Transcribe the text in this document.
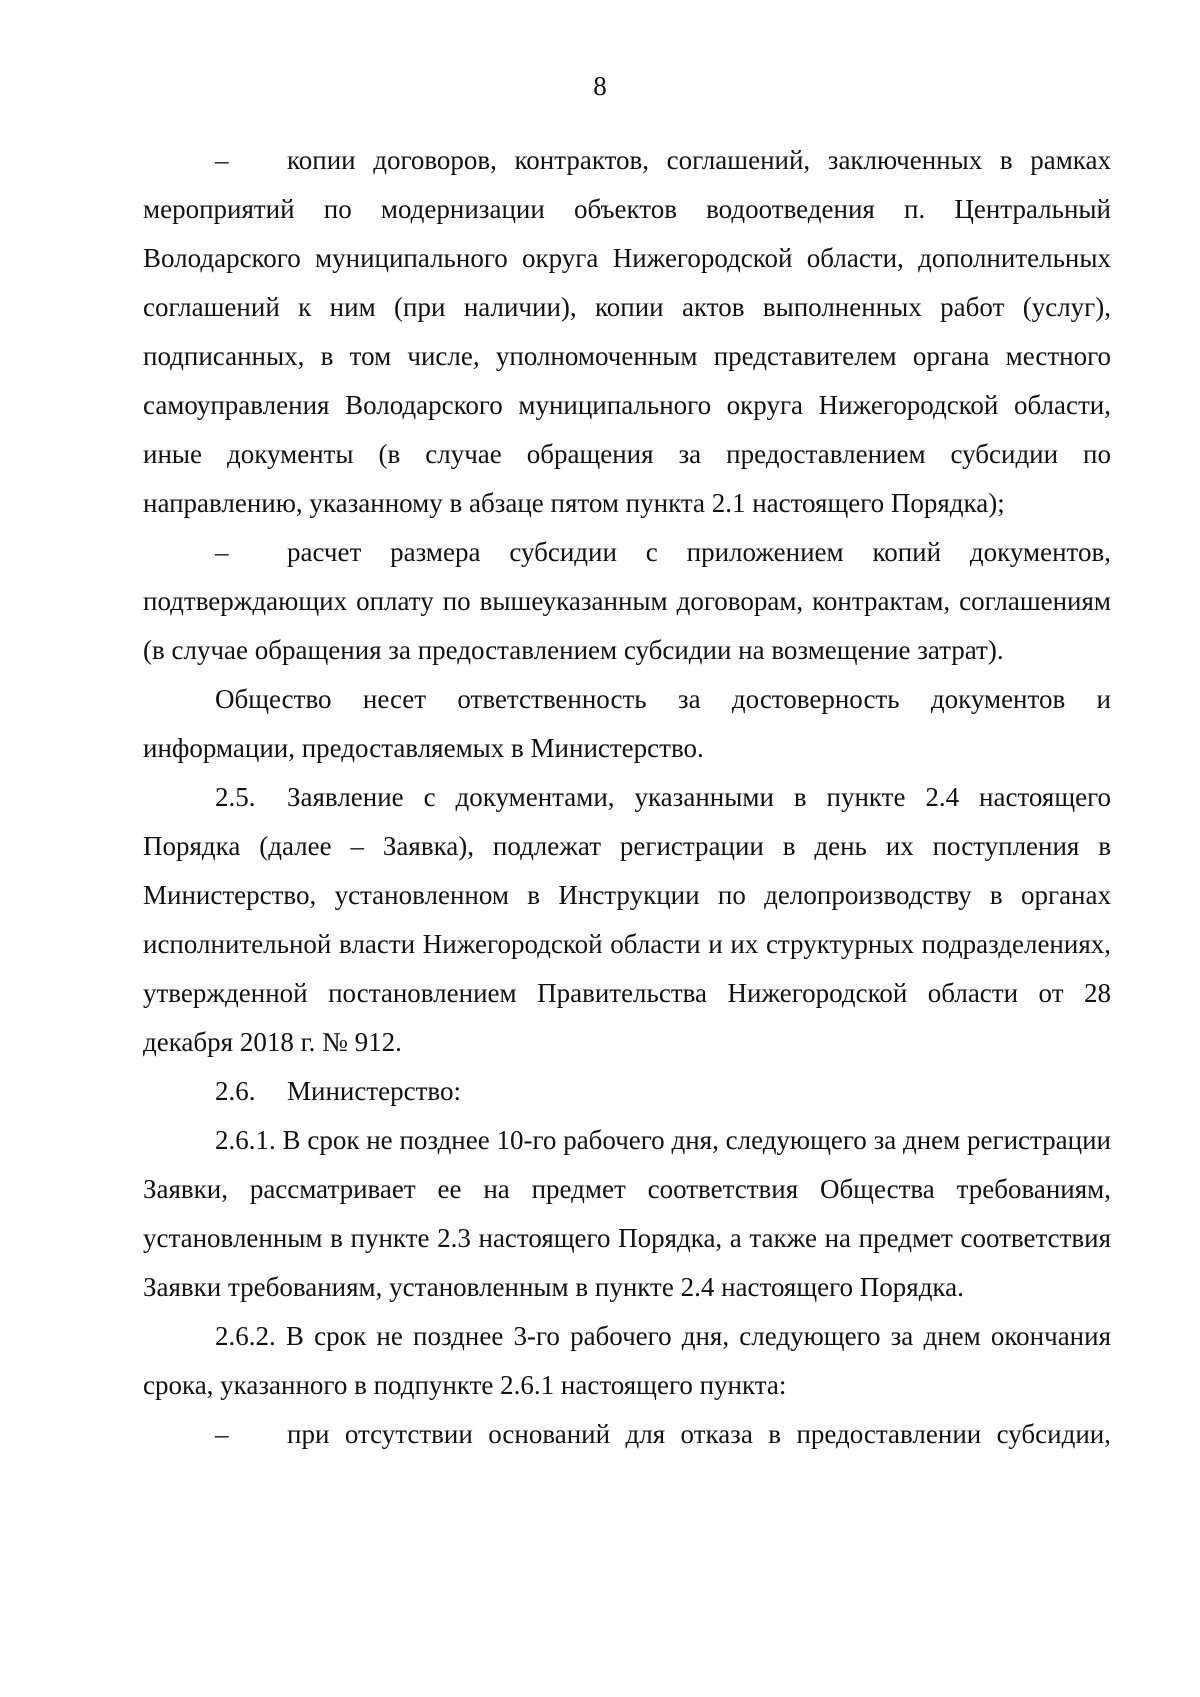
8

– копии договоров, контрактов, соглашений, заключенных в рамках мероприятий по модернизации объектов водоотведения п. Центральный Володарского муниципального округа Нижегородской области, дополнительных соглашений к ним (при наличии), копии актов выполненных работ (услуг), подписанных, в том числе, уполномоченным представителем органа местного самоуправления Володарского муниципального округа Нижегородской области, иные документы (в случае обращения за предоставлением субсидии по направлению, указанному в абзаце пятом пункта 2.1 настоящего Порядка);

– расчет размера субсидии с приложением копий документов, подтверждающих оплату по вышеуказанным договорам, контрактам, соглашениям (в случае обращения за предоставлением субсидии на возмещение затрат).

Общество несет ответственность за достоверность документов и информации, предоставляемых в Министерство.

2.5. Заявление с документами, указанными в пункте 2.4 настоящего Порядка (далее – Заявка), подлежат регистрации в день их поступления в Министерство, установленном в Инструкции по делопроизводству в органах исполнительной власти Нижегородской области и их структурных подразделениях, утвержденной постановлением Правительства Нижегородской области от 28 декабря 2018 г. № 912.

2.6. Министерство:

2.6.1. В срок не позднее 10-го рабочего дня, следующего за днем регистрации Заявки, рассматривает ее на предмет соответствия Общества требованиям, установленным в пункте 2.3 настоящего Порядка, а также на предмет соответствия Заявки требованиям, установленным в пункте 2.4 настоящего Порядка.

2.6.2. В срок не позднее 3-го рабочего дня, следующего за днем окончания срока, указанного в подпункте 2.6.1 настоящего пункта:

– при отсутствии оснований для отказа в предоставлении субсидии,
